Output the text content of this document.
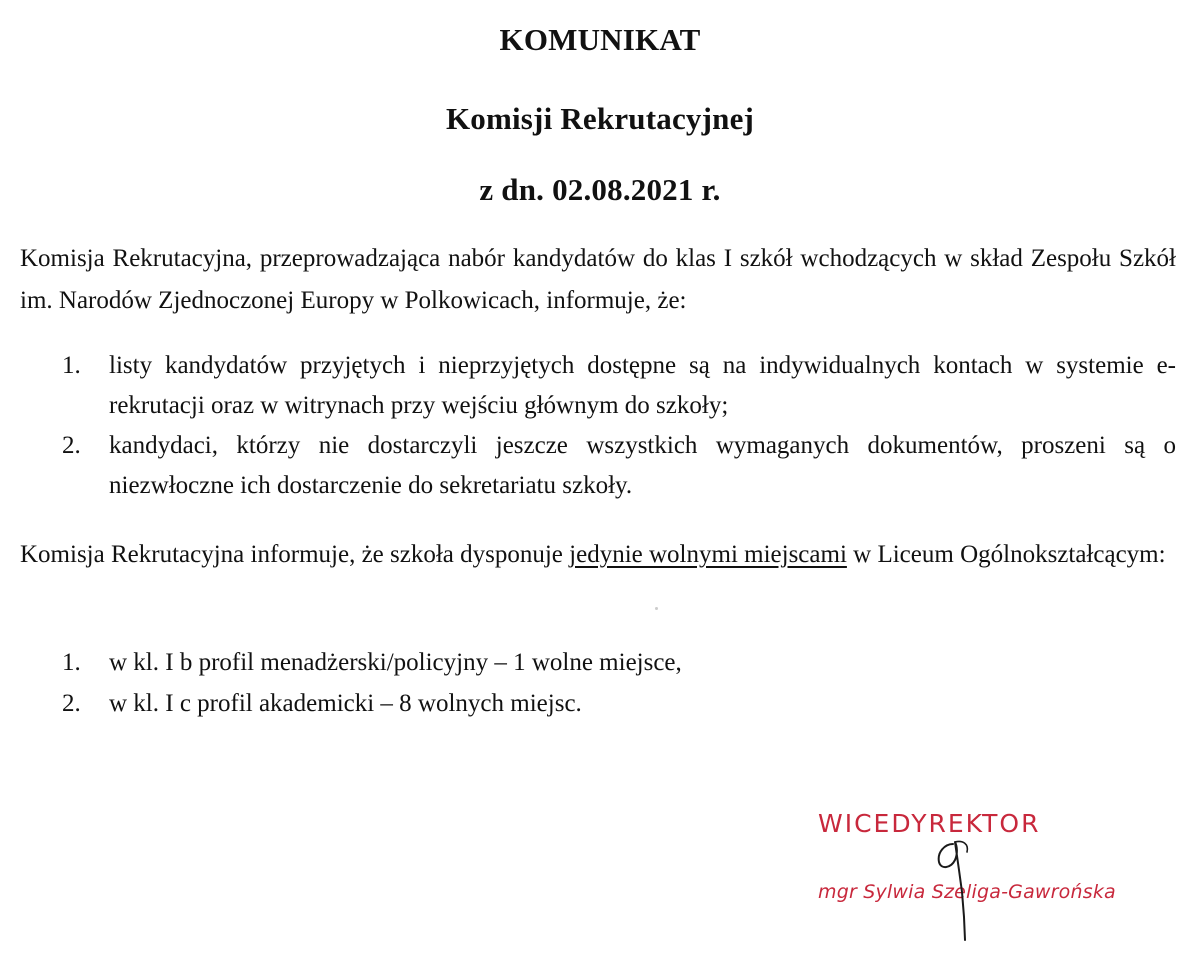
KOMUNIKAT
Komisji Rekrutacyjnej
z dn. 02.08.2021 r.
Komisja Rekrutacyjna, przeprowadzająca nabór kandydatów do klas I szkół wchodzących w skład Zespołu Szkół im. Narodów Zjednoczonej Europy w Polkowicach, informuje, że:
1.	listy kandydatów przyjętych i nieprzyjętych dostępne są na indywidualnych kontach w systemie e-rekrutacji oraz w witrynach przy wejściu głównym do szkoły;
2.	kandydaci, którzy nie dostarczyli jeszcze wszystkich wymaganych dokumentów, proszeni są o niezwłoczne ich dostarczenie do sekretariatu szkoły.
Komisja Rekrutacyjna informuje, że szkoła dysponuje jedynie wolnymi miejscami w Liceum Ogólnokształcącym:
1.	w kl. I b profil menadżerski/policyjny – 1 wolne miejsce,
2.	w kl. I c profil akademicki – 8 wolnych miejsc.
WICEDYREKTOR
mgr Sylwia Szeliga-Gawrońska
